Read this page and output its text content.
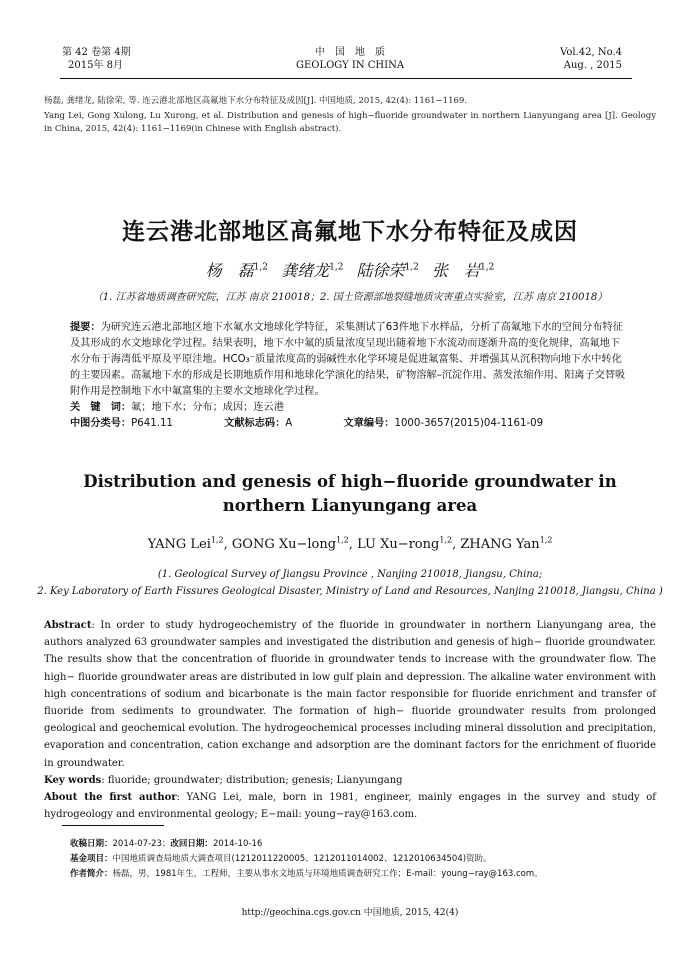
第 42 卷第 4期
2015年 8月
中　国　地　质
GEOLOGY IN CHINA
Vol.42, No.4
Aug. , 2015
杨磊, 龚绪龙, 陆徐荣, 等. 连云港北部地区高氟地下水分布特征及成因[J]. 中国地质, 2015, 42(4): 1161−1169.
Yang Lei, Gong Xulong, Lu Xurong, et al. Distribution and genesis of high−fluoride groundwater in northern Lianyungang area [J]. Geology in China, 2015, 42(4): 1161−1169(in Chinese with English abstract).
连云港北部地区高氟地下水分布特征及成因
杨　磊$^{1,2}$ 龚绪龙$^{1,2}$ 陆徐荣$^{1,2}$ 张　岩$^{1,2}$
（1. 江苏省地质调查研究院，江苏 南京 210018；2. 国土资源部地裂缝地质灾害重点实验室，江苏 南京 210018）
提要：为研究连云港北部地区地下水氟水文地球化学特征，采集测试了63件地下水样品，分析了高氟地下水的空间分布特征及其形成的水文地球化学过程。结果表明，地下水中氟的质量浓度呈现出随着地下水流动而逐渐升高的变化规律，高氟地下水分布于海湾低平原及平原洼地。HCO₃⁻质量浓度高的弱碱性水化学环境是促进氟富集、并增强其从沉积物向地下水中转化的主要因素。高氟地下水的形成是长期地质作用和地球化学演化的结果，矿物溶解–沉淀作用、蒸发浓缩作用、阳离子交替吸附作用是控制地下水中氟富集的主要水文地球化学过程。
关　键　词：氟；地下水；分布；成因；连云港
中图分类号：P641.11	文献标志码：A	文章编号：1000-3657(2015)04-1161-09
Distribution and genesis of high−fluoride groundwater in northern Lianyungang area
YANG Lei$^{1,2}$, GONG Xu−long$^{1,2}$, LU Xu−rong$^{1,2}$, ZHANG Yan$^{1,2}$
(1. Geological Survey of Jiangsu Province , Nanjing 210018, Jiangsu, China;
2. Key Laboratory of Earth Fissures Geological Disaster, Ministry of Land and Resources, Nanjing 210018, Jiangsu, China )
Abstract: In order to study hydrogeochemistry of the fluoride in groundwater in northern Lianyungang area, the authors analyzed 63 groundwater samples and investigated the distribution and genesis of high− fluoride groundwater. The results show that the concentration of fluoride in groundwater tends to increase with the groundwater flow. The high− fluoride groundwater areas are distributed in low gulf plain and depression. The alkaline water environment with high concentrations of sodium and bicarbonate is the main factor responsible for fluoride enrichment and transfer of fluoride from sediments to groundwater. The formation of high− fluoride groundwater results from prolonged geological and geochemical evolution. The hydrogeochemical processes including mineral dissolution and precipitation, evaporation and concentration, cation exchange and adsorption are the dominant factors for the enrichment of fluoride in groundwater.
Key words: fluoride; groundwater; distribution; genesis; Lianyungang
About the first author: YANG Lei, male, born in 1981, engineer, mainly engages in the survey and study of hydrogeology and environmental geology; E−mail: young−ray@163.com.
收稿日期：2014-07-23；改回日期：2014-10-16
基金项目：中国地质调查局地质大调查项目(1212011220005、1212011014002、1212010634504)资助。
作者简介：杨磊，男，1981年生，工程师，主要从事水文地质与环境地质调查研究工作；E-mail：young−ray@163.com。
http://geochina.cgs.gov.cn 中国地质, 2015, 42(4)
